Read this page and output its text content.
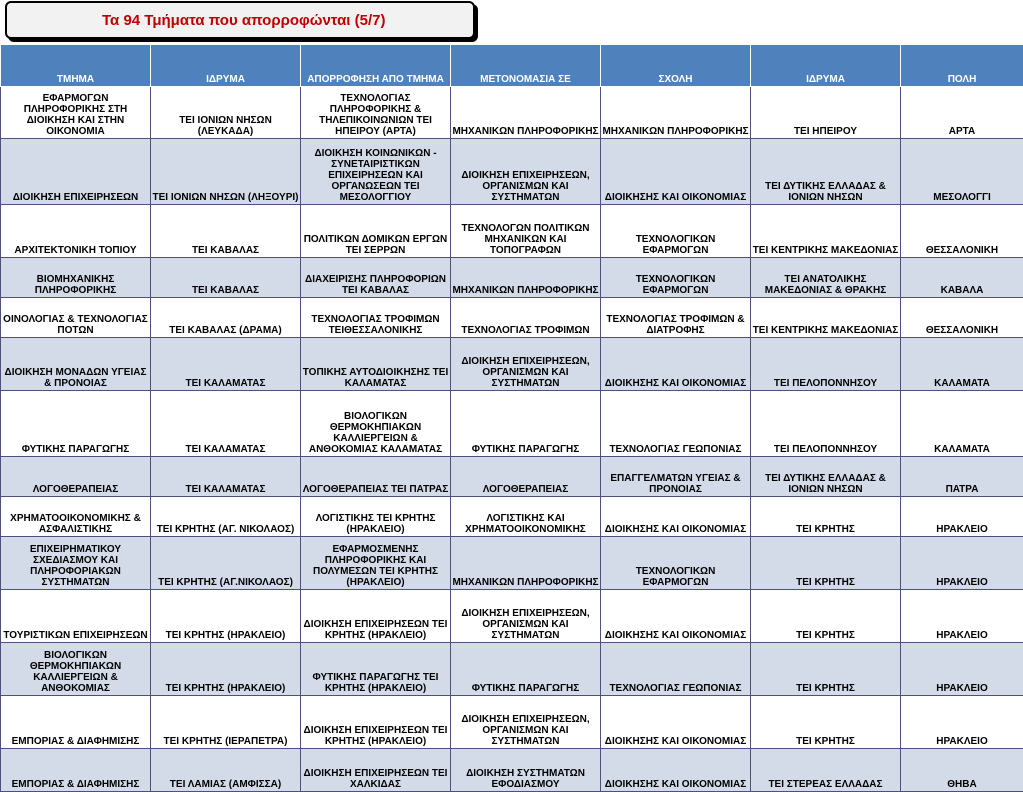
Τα 94 Τμήματα που απορροφώνται (5/7)
ΤΜΗΜΑ	ΙΔΡΥΜΑ	ΑΠΟΡΡΟΦΗΣΗ ΑΠΟ ΤΜΗΜΑ	ΜΕΤΟΝΟΜΑΣΙΑ ΣΕ	ΣΧΟΛΗ	ΙΔΡΥΜΑ	ΠΟΛΗ
ΕΦΑΡΜΟΓΩΝ ΠΛΗΡΟΦΟΡΙΚΗΣ ΣΤΗ ΔΙΟΙΚΗΣΗ ΚΑΙ ΣΤΗΝ ΟΙΚΟΝΟΜΙΑ	ΤΕΙ ΙΟΝΙΩΝ ΝΗΣΩΝ (ΛΕΥΚΑΔΑ)	ΤΕΧΝΟΛΟΓΙΑΣ ΠΛΗΡΟΦΟΡΙΚΗΣ & ΤΗΛΕΠΙΚΟΙΝΩΝΙΩΝ ΤΕΙ ΗΠΕΙΡΟΥ (ΑΡΤΑ)	ΜΗΧΑΝΙΚΩΝ ΠΛΗΡΟΦΟΡΙΚΗΣ	ΜΗΧΑΝΙΚΩΝ ΠΛΗΡΟΦΟΡΙΚΗΣ	ΤΕΙ ΗΠΕΙΡΟΥ	ΑΡΤΑ
ΔΙΟΙΚΗΣΗ ΕΠΙΧΕΙΡΗΣΕΩΝ	ΤΕΙ ΙΟΝΙΩΝ ΝΗΣΩΝ (ΛΗΞΟΥΡΙ)	ΔΙΟΙΚΗΣΗ ΚΟΙΝΩΝΙΚΩΝ - ΣΥΝΕΤΑΙΡΙΣΤΙΚΩΝ ΕΠΙΧΕΙΡΗΣΕΩΝ ΚΑΙ ΟΡΓΑΝΩΣΕΩΝ ΤΕΙ ΜΕΣΟΛΟΓΓΙΟΥ	ΔΙΟΙΚΗΣΗ ΕΠΙΧΕΙΡΗΣΕΩΝ, ΟΡΓΑΝΙΣΜΩΝ ΚΑΙ ΣΥΣΤΗΜΑΤΩΝ	ΔΙΟΙΚΗΣΗΣ ΚΑΙ ΟΙΚΟΝΟΜΙΑΣ	ΤΕΙ ΔΥΤΙΚΗΣ ΕΛΛΑΔΑΣ & ΙΟΝΙΩΝ ΝΗΣΩΝ	ΜΕΣΟΛΟΓΓΙ
ΑΡΧΙΤΕΚΤΟΝΙΚΗ ΤΟΠΙΟΥ	ΤΕΙ ΚΑΒΑΛΑΣ	ΠΟΛΙΤΙΚΩΝ ΔΟΜΙΚΩΝ ΕΡΓΩΝ ΤΕΙ ΣΕΡΡΩΝ	ΤΕΧΝΟΛΟΓΩΝ ΠΟΛΙΤΙΚΩΝ ΜΗΧΑΝΙΚΩΝ ΚΑΙ ΤΟΠΟΓΡΑΦΩΝ	ΤΕΧΝΟΛΟΓΙΚΩΝ ΕΦΑΡΜΟΓΩΝ	ΤΕΙ ΚΕΝΤΡΙΚΗΣ ΜΑΚΕΔΟΝΙΑΣ	ΘΕΣΣΑΛΟΝΙΚΗ
ΒΙΟΜΗΧΑΝΙΚΗΣ ΠΛΗΡΟΦΟΡΙΚΗΣ	ΤΕΙ ΚΑΒΑΛΑΣ	ΔΙΑΧΕΙΡΙΣΗΣ ΠΛΗΡΟΦΟΡΙΩΝ ΤΕΙ ΚΑΒΑΛΑΣ	ΜΗΧΑΝΙΚΩΝ ΠΛΗΡΟΦΟΡΙΚΗΣ	ΤΕΧΝΟΛΟΓΙΚΩΝ ΕΦΑΡΜΟΓΩΝ	ΤΕΙ ΑΝΑΤΟΛΙΚΗΣ ΜΑΚΕΔΟΝΙΑΣ & ΘΡΑΚΗΣ	ΚΑΒΑΛΑ
ΟΙΝΟΛΟΓΙΑΣ & ΤΕΧΝΟΛΟΓΙΑΣ ΠΟΤΩΝ	ΤΕΙ ΚΑΒΑΛΑΣ (ΔΡΑΜΑ)	ΤΕΧΝΟΛΟΓΙΑΣ ΤΡΟΦΙΜΩΝ ΤΕΙΘΕΣΣΑΛΟΝΙΚΗΣ	ΤΕΧΝΟΛΟΓΙΑΣ ΤΡΟΦΙΜΩΝ	ΤΕΧΝΟΛΟΓΙΑΣ ΤΡΟΦΙΜΩΝ & ΔΙΑΤΡΟΦΗΣ	ΤΕΙ ΚΕΝΤΡΙΚΗΣ ΜΑΚΕΔΟΝΙΑΣ	ΘΕΣΣΑΛΟΝΙΚΗ
ΔΙΟΙΚΗΣΗ ΜΟΝΑΔΩΝ ΥΓΕΙΑΣ & ΠΡΟΝΟΙΑΣ	ΤΕΙ ΚΑΛΑΜΑΤΑΣ	ΤΟΠΙΚΗΣ ΑΥΤΟΔΙΟΙΚΗΣΗΣ ΤΕΙ ΚΑΛΑΜΑΤΑΣ	ΔΙΟΙΚΗΣΗ ΕΠΙΧΕΙΡΗΣΕΩΝ, ΟΡΓΑΝΙΣΜΩΝ ΚΑΙ ΣΥΣΤΗΜΑΤΩΝ	ΔΙΟΙΚΗΣΗΣ ΚΑΙ ΟΙΚΟΝΟΜΙΑΣ	ΤΕΙ ΠΕΛΟΠΟΝΝΗΣΟΥ	ΚΑΛΑΜΑΤΑ
ΦΥΤΙΚΗΣ ΠΑΡΑΓΩΓΗΣ	ΤΕΙ ΚΑΛΑΜΑΤΑΣ	ΒΙΟΛΟΓΙΚΩΝ ΘΕΡΜΟΚΗΠΙΑΚΩΝ ΚΑΛΛΙΕΡΓΕΙΩΝ & ΑΝΘΟΚΟΜΙΑΣ ΚΑΛΑΜΑΤΑΣ	ΦΥΤΙΚΗΣ ΠΑΡΑΓΩΓΗΣ	ΤΕΧΝΟΛΟΓΙΑΣ ΓΕΩΠΟΝΙΑΣ	ΤΕΙ ΠΕΛΟΠΟΝΝΗΣΟΥ	ΚΑΛΑΜΑΤΑ
ΛΟΓΟΘΕΡΑΠΕΙΑΣ	ΤΕΙ ΚΑΛΑΜΑΤΑΣ	ΛΟΓΟΘΕΡΑΠΕΙΑΣ ΤΕΙ ΠΑΤΡΑΣ	ΛΟΓΟΘΕΡΑΠΕΙΑΣ	ΕΠΑΓΓΕΛΜΑΤΩΝ ΥΓΕΙΑΣ & ΠΡΟΝΟΙΑΣ	ΤΕΙ ΔΥΤΙΚΗΣ ΕΛΛΑΔΑΣ & ΙΟΝΙΩΝ ΝΗΣΩΝ	ΠΑΤΡΑ
ΧΡΗΜΑΤΟΟΙΚΟΝΟΜΙΚΗΣ & ΑΣΦΑΛΙΣΤΙΚΗΣ	ΤΕΙ ΚΡΗΤΗΣ (ΑΓ. ΝΙΚΟΛΑΟΣ)	ΛΟΓΙΣΤΙΚΗΣ ΤΕΙ ΚΡΗΤΗΣ (ΗΡΑΚΛΕΙΟ)	ΛΟΓΙΣΤΙΚΗΣ ΚΑΙ ΧΡΗΜΑΤΟΟΙΚΟΝΟΜΙΚΗΣ	ΔΙΟΙΚΗΣΗΣ ΚΑΙ ΟΙΚΟΝΟΜΙΑΣ	ΤΕΙ ΚΡΗΤΗΣ	ΗΡΑΚΛΕΙΟ
ΕΠΙΧΕΙΡΗΜΑΤΙΚΟΥ ΣΧΕΔΙΑΣΜΟΥ ΚΑΙ ΠΛΗΡΟΦΟΡΙΑΚΩΝ ΣΥΣΤΗΜΑΤΩΝ	ΤΕΙ ΚΡΗΤΗΣ (ΑΓ.ΝΙΚΟΛΑΟΣ)	ΕΦΑΡΜΟΣΜΕΝΗΣ ΠΛΗΡΟΦΟΡΙΚΗΣ ΚΑΙ ΠΟΛΥΜΕΣΩΝ ΤΕΙ ΚΡΗΤΗΣ (ΗΡΑΚΛΕΙΟ)	ΜΗΧΑΝΙΚΩΝ ΠΛΗΡΟΦΟΡΙΚΗΣ	ΤΕΧΝΟΛΟΓΙΚΩΝ ΕΦΑΡΜΟΓΩΝ	ΤΕΙ ΚΡΗΤΗΣ	ΗΡΑΚΛΕΙΟ
ΤΟΥΡΙΣΤΙΚΩΝ ΕΠΙΧΕΙΡΗΣΕΩΝ	ΤΕΙ ΚΡΗΤΗΣ (ΗΡΑΚΛΕΙΟ)	ΔΙΟΙΚΗΣΗ ΕΠΙΧΕΙΡΗΣΕΩΝ ΤΕΙ ΚΡΗΤΗΣ (ΗΡΑΚΛΕΙΟ)	ΔΙΟΙΚΗΣΗ ΕΠΙΧΕΙΡΗΣΕΩΝ, ΟΡΓΑΝΙΣΜΩΝ ΚΑΙ ΣΥΣΤΗΜΑΤΩΝ	ΔΙΟΙΚΗΣΗΣ ΚΑΙ ΟΙΚΟΝΟΜΙΑΣ	ΤΕΙ ΚΡΗΤΗΣ	ΗΡΑΚΛΕΙΟ
ΒΙΟΛΟΓΙΚΩΝ ΘΕΡΜΟΚΗΠΙΑΚΩΝ ΚΑΛΛΙΕΡΓΕΙΩΝ & ΑΝΘΟΚΟΜΙΑΣ	ΤΕΙ ΚΡΗΤΗΣ (ΗΡΑΚΛΕΙΟ)	ΦΥΤΙΚΗΣ ΠΑΡΑΓΩΓΗΣ ΤΕΙ ΚΡΗΤΗΣ (ΗΡΑΚΛΕΙΟ)	ΦΥΤΙΚΗΣ ΠΑΡΑΓΩΓΗΣ	ΤΕΧΝΟΛΟΓΙΑΣ ΓΕΩΠΟΝΙΑΣ	ΤΕΙ ΚΡΗΤΗΣ	ΗΡΑΚΛΕΙΟ
ΕΜΠΟΡΙΑΣ & ΔΙΑΦΗΜΙΣΗΣ	ΤΕΙ ΚΡΗΤΗΣ (ΙΕΡΑΠΕΤΡΑ)	ΔΙΟΙΚΗΣΗ ΕΠΙΧΕΙΡΗΣΕΩΝ ΤΕΙ ΚΡΗΤΗΣ (ΗΡΑΚΛΕΙΟ)	ΔΙΟΙΚΗΣΗ ΕΠΙΧΕΙΡΗΣΕΩΝ, ΟΡΓΑΝΙΣΜΩΝ ΚΑΙ ΣΥΣΤΗΜΑΤΩΝ	ΔΙΟΙΚΗΣΗΣ ΚΑΙ ΟΙΚΟΝΟΜΙΑΣ	ΤΕΙ ΚΡΗΤΗΣ	ΗΡΑΚΛΕΙΟ
ΕΜΠΟΡΙΑΣ & ΔΙΑΦΗΜΙΣΗΣ	ΤΕΙ ΛΑΜΙΑΣ (ΑΜΦΙΣΣΑ)	ΔΙΟΙΚΗΣΗ ΕΠΙΧΕΙΡΗΣΕΩΝ ΤΕΙ ΧΑΛΚΙΔΑΣ	ΔΙΟΙΚΗΣΗ ΣΥΣΤΗΜΑΤΩΝ ΕΦΟΔΙΑΣΜΟΥ	ΔΙΟΙΚΗΣΗΣ ΚΑΙ ΟΙΚΟΝΟΜΙΑΣ	ΤΕΙ ΣΤΕΡΕΑΣ ΕΛΛΑΔΑΣ	ΘΗΒΑ
